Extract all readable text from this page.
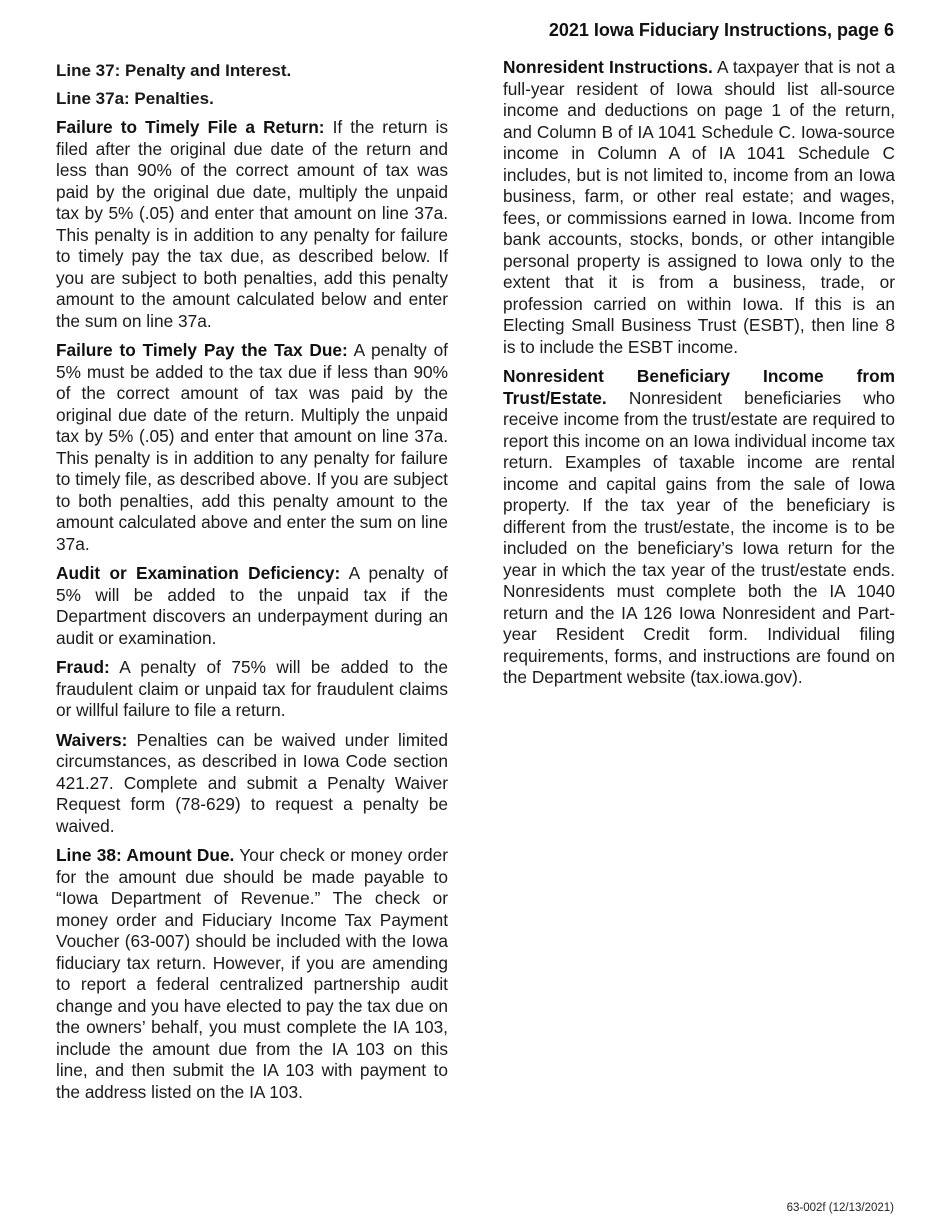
2021 Iowa Fiduciary Instructions, page 6
Line 37: Penalty and Interest.
Line 37a: Penalties.

Failure to Timely File a Return: If the return is filed after the original due date of the return and less than 90% of the correct amount of tax was paid by the original due date, multiply the unpaid tax by 5% (.05) and enter that amount on line 37a. This penalty is in addition to any penalty for failure to timely pay the tax due, as described below. If you are subject to both penalties, add this penalty amount to the amount calculated below and enter the sum on line 37a.

Failure to Timely Pay the Tax Due: A penalty of 5% must be added to the tax due if less than 90% of the correct amount of tax was paid by the original due date of the return. Multiply the unpaid tax by 5% (.05) and enter that amount on line 37a. This penalty is in addition to any penalty for failure to timely file, as described above. If you are subject to both penalties, add this penalty amount to the amount calculated above and enter the sum on line 37a.

Audit or Examination Deficiency: A penalty of 5% will be added to the unpaid tax if the Department discovers an underpayment during an audit or examination.

Fraud: A penalty of 75% will be added to the fraudulent claim or unpaid tax for fraudulent claims or willful failure to file a return.

Waivers: Penalties can be waived under limited circumstances, as described in Iowa Code section 421.27. Complete and submit a Penalty Waiver Request form (78-629) to request a penalty be waived.

Line 38: Amount Due. Your check or money order for the amount due should be made payable to “Iowa Department of Revenue.” The check or money order and Fiduciary Income Tax Payment Voucher (63-007) should be included with the Iowa fiduciary tax return. However, if you are amending to report a federal centralized partnership audit change and you have elected to pay the tax due on the owners’ behalf, you must complete the IA 103, include the amount due from the IA 103 on this line, and then submit the IA 103 with payment to the address listed on the IA 103.

Nonresident Instructions. A taxpayer that is not a full-year resident of Iowa should list all-source income and deductions on page 1 of the return, and Column B of IA 1041 Schedule C. Iowa-source income in Column A of IA 1041 Schedule C includes, but is not limited to, income from an Iowa business, farm, or other real estate; and wages, fees, or commissions earned in Iowa. Income from bank accounts, stocks, bonds, or other intangible personal property is assigned to Iowa only to the extent that it is from a business, trade, or profession carried on within Iowa. If this is an Electing Small Business Trust (ESBT), then line 8 is to include the ESBT income.

Nonresident Beneficiary Income from Trust/Estate. Nonresident beneficiaries who receive income from the trust/estate are required to report this income on an Iowa individual income tax return. Examples of taxable income are rental income and capital gains from the sale of Iowa property. If the tax year of the beneficiary is different from the trust/estate, the income is to be included on the beneficiary’s Iowa return for the year in which the tax year of the trust/estate ends. Nonresidents must complete both the IA 1040 return and the IA 126 Iowa Nonresident and Part-year Resident Credit form. Individual filing requirements, forms, and instructions are found on the Department website (tax.iowa.gov).

63-002f (12/13/2021)
